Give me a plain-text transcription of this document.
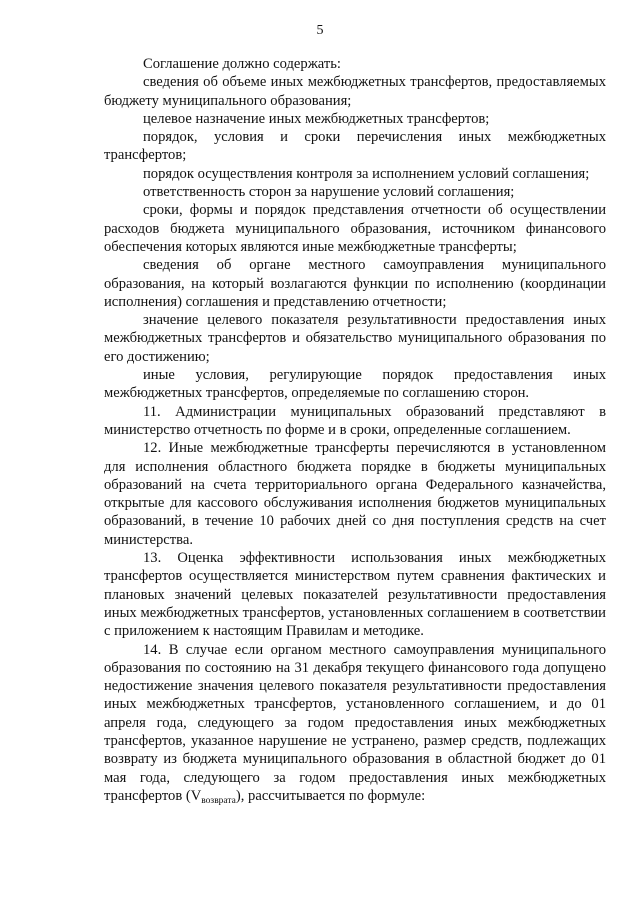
5

Соглашение должно содержать:

сведения об объеме иных межбюджетных трансфертов, предоставляемых бюджету муниципального образования;

целевое назначение иных межбюджетных трансфертов;

порядок, условия и сроки перечисления иных межбюджетных трансфертов;

порядок осуществления контроля за исполнением условий соглашения;

ответственность сторон за нарушение условий соглашения;

сроки, формы и порядок представления отчетности об осуществлении расходов бюджета муниципального образования, источником финансового обеспечения которых являются иные межбюджетные трансферты;

сведения об органе местного самоуправления муниципального образования, на который возлагаются функции по исполнению (координации исполнения) соглашения и представлению отчетности;

значение целевого показателя результативности предоставления иных межбюджетных трансфертов и обязательство муниципального образования по его достижению;

иные условия, регулирующие порядок предоставления иных межбюджетных трансфертов, определяемые по соглашению сторон.

11. Администрации муниципальных образований представляют в министерство отчетность по форме и в сроки, определенные соглашением.

12. Иные межбюджетные трансферты перечисляются в установленном для исполнения областного бюджета порядке в бюджеты муниципальных образований на счета территориального органа Федерального казначейства, открытые для кассового обслуживания исполнения бюджетов муниципальных образований, в течение 10 рабочих дней со дня поступления средств на счет министерства.

13. Оценка эффективности использования иных межбюджетных трансфертов осуществляется министерством путем сравнения фактических и плановых значений целевых показателей результативности предоставления иных межбюджетных трансфертов, установленных соглашением в соответствии с приложением к настоящим Правилам и методике.

14. В случае если органом местного самоуправления муниципального образования по состоянию на 31 декабря текущего финансового года допущено недостижение значения целевого показателя результативности предоставления иных межбюджетных трансфертов, установленного соглашением, и до 01 апреля года, следующего за годом предоставления иных межбюджетных трансфертов, указанное нарушение не устранено, размер средств, подлежащих возврату из бюджета муниципального образования в областной бюджет до 01 мая года, следующего за годом предоставления иных межбюджетных трансфертов $(V_{возврата})$, рассчитывается по формуле:
